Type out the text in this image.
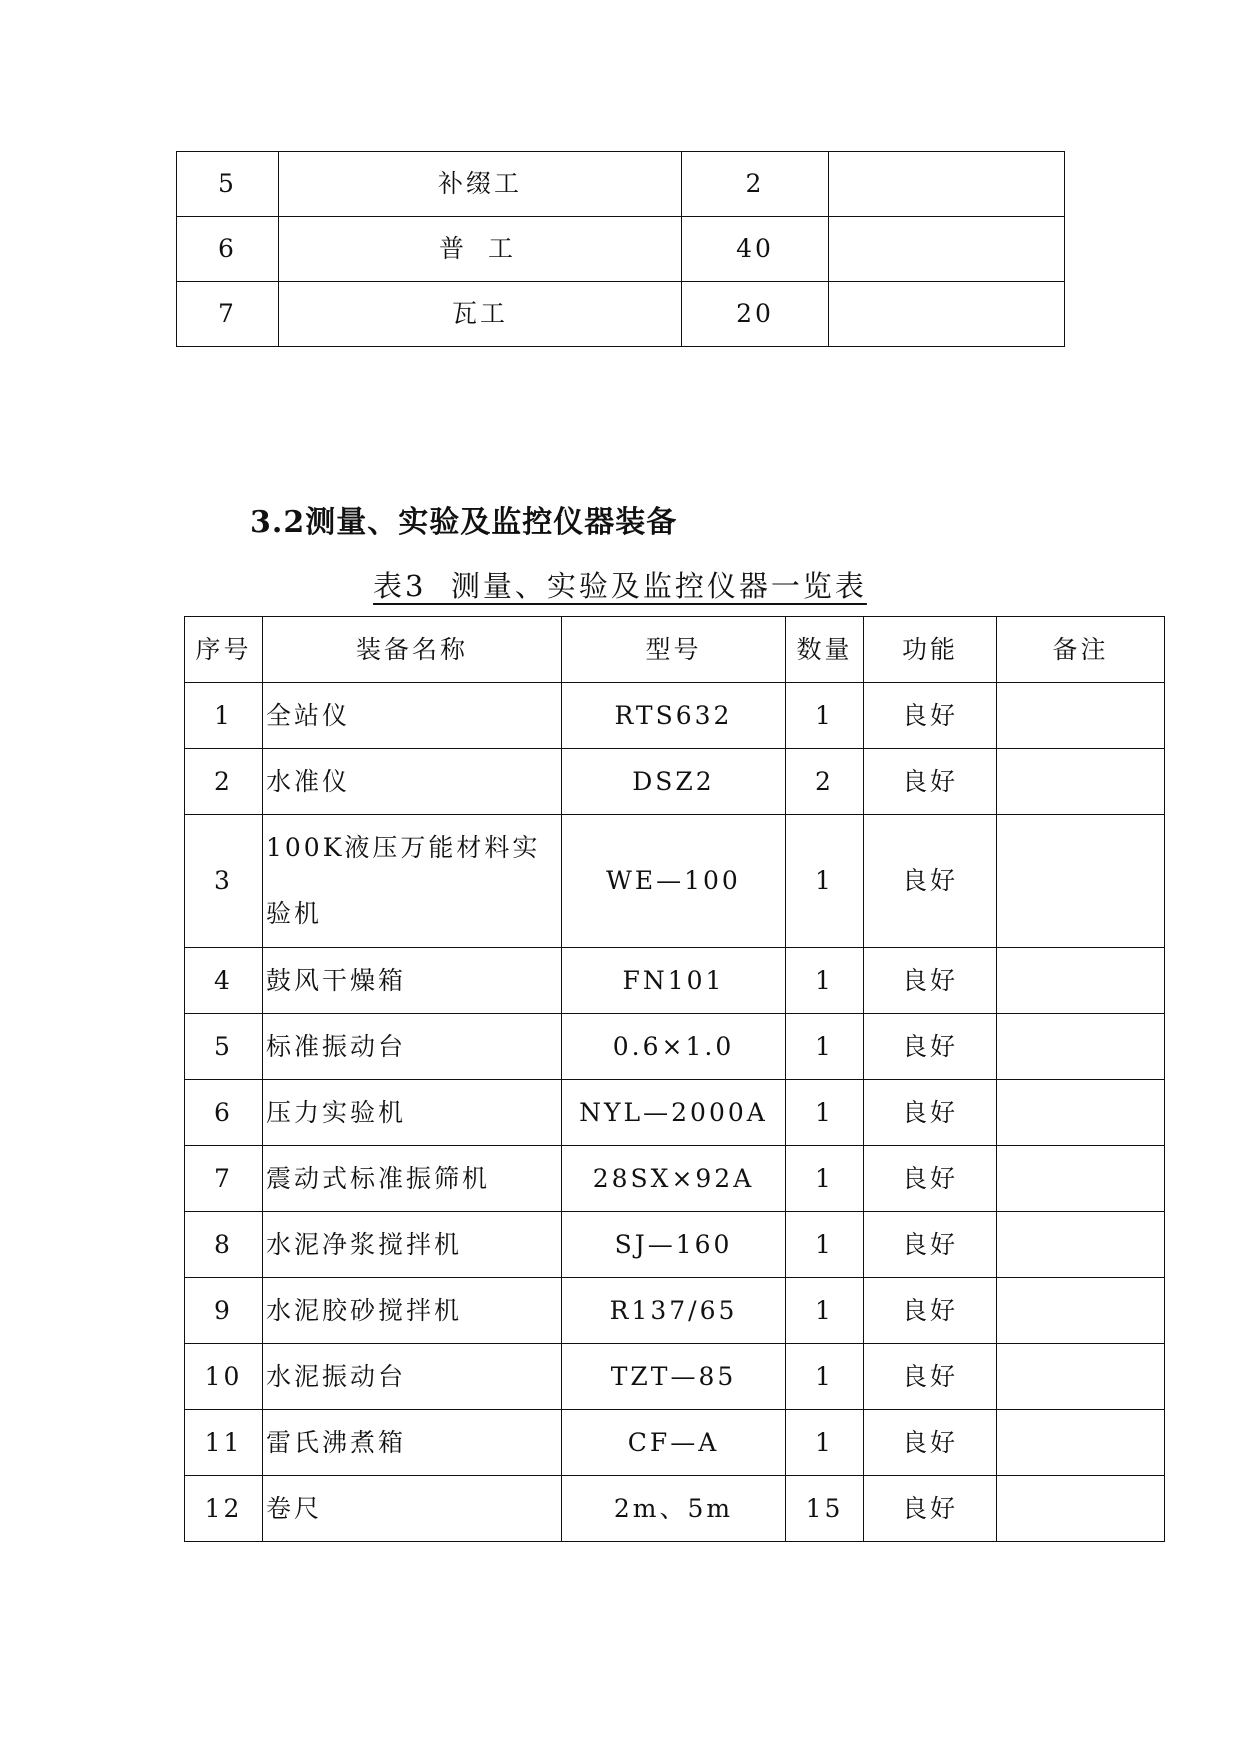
5	补缀工	2	
6	普 工	40	
7	瓦工	20	
3.2测量、实验及监控仪器装备
表3  测量、实验及监控仪器一览表
序号	装备名称	型号	数量	功能	备注
1	全站仪	RTS632	1	良好	
2	水准仪	DSZ2	2	良好	
3	100K液压万能材料实验机	WE—100	1	良好	
4	鼓风干燥箱	FN101	1	良好	
5	标准振动台	0.6×1.0	1	良好	
6	压力实验机	NYL—2000A	1	良好	
7	震动式标准振筛机	28SX×92A	1	良好	
8	水泥净浆搅拌机	SJ—160	1	良好	
9	水泥胶砂搅拌机	R137/65	1	良好	
10	水泥振动台	TZT—85	1	良好	
11	雷氏沸煮箱	CF—A	1	良好	
12	卷尺	2m、5m	15	良好	
